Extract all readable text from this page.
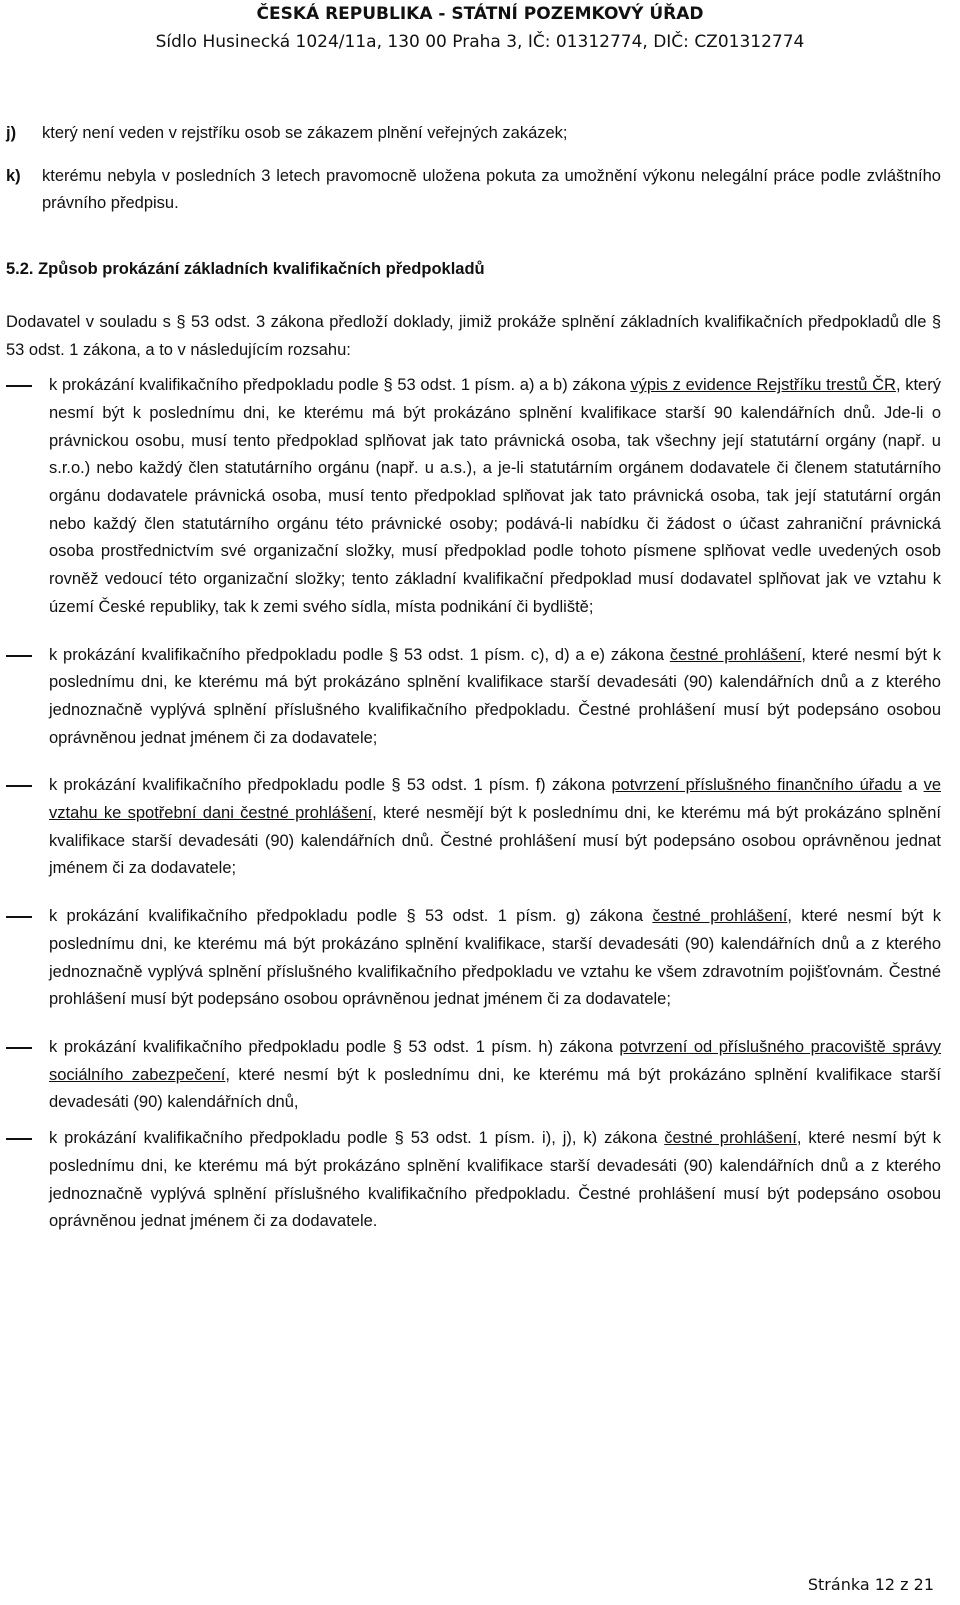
ČESKÁ REPUBLIKA - STÁTNÍ POZEMKOVÝ ÚŘAD
Sídlo Husinecká 1024/11a, 130 00 Praha 3, IČ: 01312774, DIČ: CZ01312774
j) který není veden v rejstříku osob se zákazem plnění veřejných zakázek;
k) kterému nebyla v posledních 3 letech pravomocně uložena pokuta za umožnění výkonu nelegální práce podle zvláštního právního předpisu.
5.2. Způsob prokázání základních kvalifikačních předpokladů
Dodavatel v souladu s § 53 odst. 3 zákona předloží doklady, jimiž prokáže splnění základních kvalifikačních předpokladů dle § 53 odst. 1 zákona, a to v následujícím rozsahu:
k prokázání kvalifikačního předpokladu podle § 53 odst. 1 písm. a) a b) zákona výpis z evidence Rejstříku trestů ČR, který nesmí být k poslednímu dni, ke kterému má být prokázáno splnění kvalifikace starší 90 kalendářních dnů. Jde-li o právnickou osobu, musí tento předpoklad splňovat jak tato právnická osoba, tak všechny její statutární orgány (např. u s.r.o.) nebo každý člen statutárního orgánu (např. u a.s.), a je-li statutárním orgánem dodavatele či členem statutárního orgánu dodavatele právnická osoba, musí tento předpoklad splňovat jak tato právnická osoba, tak její statutární orgán nebo každý člen statutárního orgánu této právnické osoby; podává-li nabídku či žádost o účast zahraniční právnická osoba prostřednictvím své organizační složky, musí předpoklad podle tohoto písmene splňovat vedle uvedených osob rovněž vedoucí této organizační složky; tento základní kvalifikační předpoklad musí dodavatel splňovat jak ve vztahu k území České republiky, tak k zemi svého sídla, místa podnikání či bydliště;
k prokázání kvalifikačního předpokladu podle § 53 odst. 1 písm. c), d) a e) zákona čestné prohlášení, které nesmí být k poslednímu dni, ke kterému má být prokázáno splnění kvalifikace starší devadesáti (90) kalendářních dnů a z kterého jednoznačně vyplývá splnění příslušného kvalifikačního předpokladu. Čestné prohlášení musí být podepsáno osobou oprávněnou jednat jménem či za dodavatele;
k prokázání kvalifikačního předpokladu podle § 53 odst. 1 písm. f) zákona potvrzení příslušného finančního úřadu a ve vztahu ke spotřební dani čestné prohlášení, které nesmějí být k poslednímu dni, ke kterému má být prokázáno splnění kvalifikace starší devadesáti (90) kalendářních dnů. Čestné prohlášení musí být podepsáno osobou oprávněnou jednat jménem či za dodavatele;
k prokázání kvalifikačního předpokladu podle § 53 odst. 1 písm. g) zákona čestné prohlášení, které nesmí být k poslednímu dni, ke kterému má být prokázáno splnění kvalifikace, starší devadesáti (90) kalendářních dnů a z kterého jednoznačně vyplývá splnění příslušného kvalifikačního předpokladu ve vztahu ke všem zdravotním pojišťovnám. Čestné prohlášení musí být podepsáno osobou oprávněnou jednat jménem či za dodavatele;
k prokázání kvalifikačního předpokladu podle § 53 odst. 1 písm. h) zákona potvrzení od příslušného pracoviště správy sociálního zabezpečení, které nesmí být k poslednímu dni, ke kterému má být prokázáno splnění kvalifikace starší devadesáti (90) kalendářních dnů,
k prokázání kvalifikačního předpokladu podle § 53 odst. 1 písm. i), j), k) zákona čestné prohlášení, které nesmí být k poslednímu dni, ke kterému má být prokázáno splnění kvalifikace starší devadesáti (90) kalendářních dnů a z kterého jednoznačně vyplývá splnění příslušného kvalifikačního předpokladu. Čestné prohlášení musí být podepsáno osobou oprávněnou jednat jménem či za dodavatele.
Stránka 12 z 21
